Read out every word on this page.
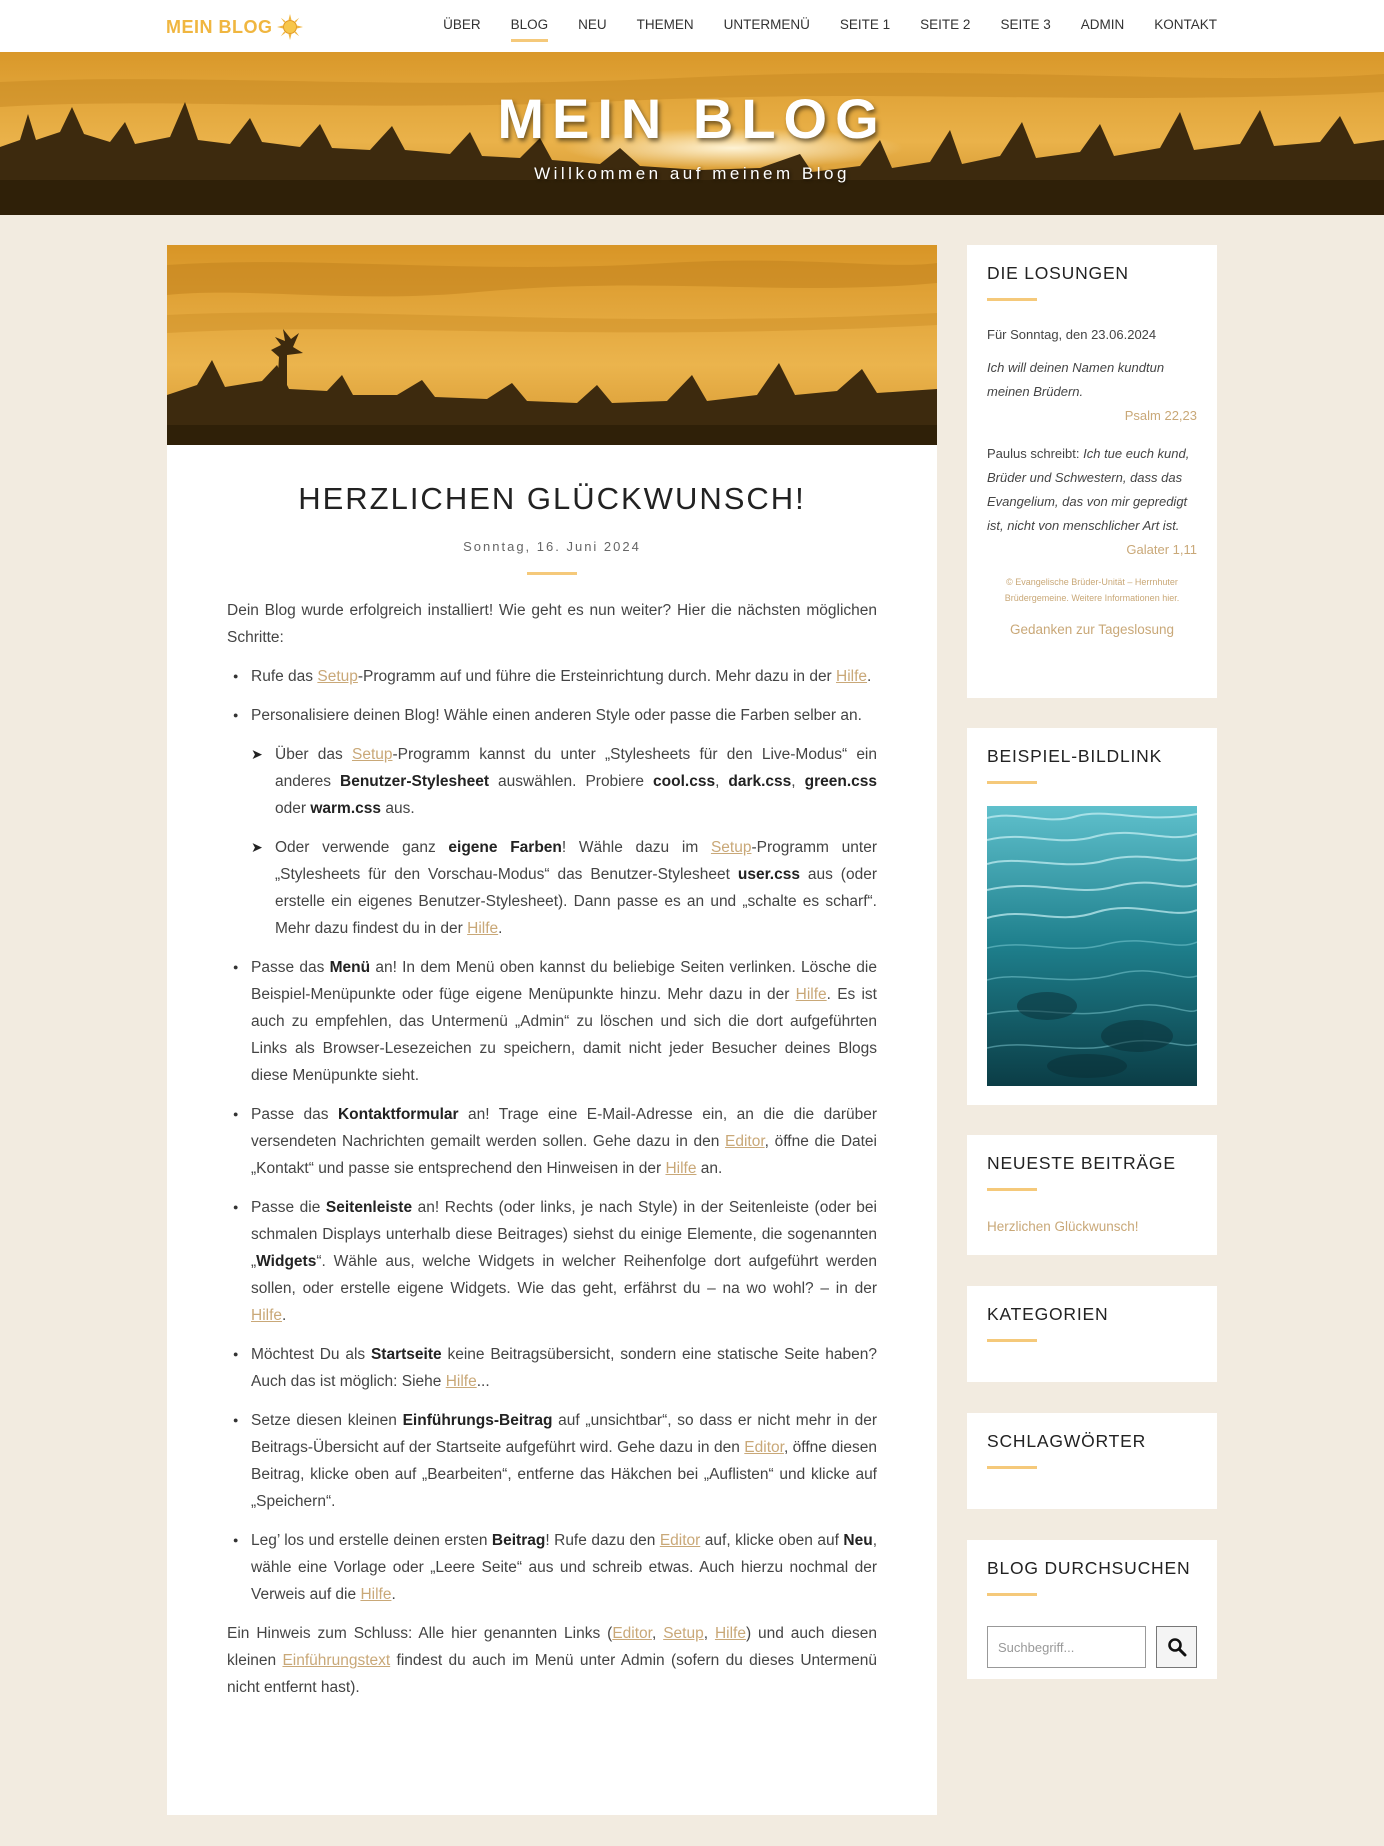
MEIN BLOG	ÜBER BLOG NEU THEMEN UNTERMENÜ SEITE 1 SEITE 2 SEITE 3 ADMIN KONTAKT
MEIN BLOG
Willkommen auf meinem Blog
HERZLICHEN GLÜCKWUNSCH!
Sonntag, 16. Juni 2024

Dein Blog wurde erfolgreich installiert! Wie geht es nun weiter? Hier die nächsten möglichen Schritte:

● Rufe das Setup-Programm auf und führe die Ersteinrichtung durch. Mehr dazu in der Hilfe.
● Personalisiere deinen Blog! Wähle einen anderen Style oder passe die Farben selber an.
➤ Über das Setup-Programm kannst du unter „Stylesheets für den Live-Modus“ ein anderes Benutzer-Stylesheet auswählen. Probiere cool.css, dark.css, green.css oder warm.css aus.
➤ Oder verwende ganz eigene Farben! Wähle dazu im Setup-Programm unter „Stylesheets für den Vorschau-Modus“ das Benutzer-Stylesheet user.css aus (oder erstelle ein eigenes Benutzer-Stylesheet). Dann passe es an und „schalte es scharf“. Mehr dazu findest du in der Hilfe.
● Passe das Menü an! In dem Menü oben kannst du beliebige Seiten verlinken. Lösche die Beispiel-Menüpunkte oder füge eigene Menüpunkte hinzu. Mehr dazu in der Hilfe. Es ist auch zu empfehlen, das Untermenü „Admin“ zu löschen und sich die dort aufgeführten Links als Browser-Lesezeichen zu speichern, damit nicht jeder Besucher deines Blogs diese Menüpunkte sieht.
● Passe das Kontaktformular an! Trage eine E-Mail-Adresse ein, an die die darüber versendeten Nachrichten gemailt werden sollen. Gehe dazu in den Editor, öffne die Datei „Kontakt“ und passe sie entsprechend den Hinweisen in der Hilfe an.
● Passe die Seitenleiste an! Rechts (oder links, je nach Style) in der Seitenleiste (oder bei schmalen Displays unterhalb diese Beitrages) siehst du einige Elemente, die sogenannten „Widgets“. Wähle aus, welche Widgets in welcher Reihenfolge dort aufgeführt werden sollen, oder erstelle eigene Widgets. Wie das geht, erfährst du – na wo wohl? – in der Hilfe.
● Möchtest Du als Startseite keine Beitragsübersicht, sondern eine statische Seite haben? Auch das ist möglich: Siehe Hilfe...
● Setze diesen kleinen Einführungs-Beitrag auf „unsichtbar“, so dass er nicht mehr in der Beitrags-Übersicht auf der Startseite aufgeführt wird. Gehe dazu in den Editor, öffne diesen Beitrag, klicke oben auf „Bearbeiten“, entferne das Häkchen bei „Auflisten“ und klicke auf „Speichern“.
● Leg’ los und erstelle deinen ersten Beitrag! Rufe dazu den Editor auf, klicke oben auf Neu, wähle eine Vorlage oder „Leere Seite“ aus und schreib etwas. Auch hierzu nochmal der Verweis auf die Hilfe.

Ein Hinweis zum Schluss: Alle hier genannten Links (Editor, Setup, Hilfe) und auch diesen kleinen Einführungstext findest du auch im Menü unter Admin (sofern du dieses Untermenü nicht entfernt hast).

DIE LOSUNGEN
Für Sonntag, den 23.06.2024
Ich will deinen Namen kundtun meinen Brüdern.
Psalm 22,23
Paulus schreibt: Ich tue euch kund, Brüder und Schwestern, dass das Evangelium, das von mir gepredigt ist, nicht von menschlicher Art ist.
Galater 1,11
© Evangelische Brüder-Unität – Herrnhuter Brüdergemeine. Weitere Informationen hier.
Gedanken zur Tageslosung
BEISPIEL-BILDLINK
NEUESTE BEITRÄGE
Herzlichen Glückwunsch!
KATEGORIEN
SCHLAGWÖRTER
BLOG DURCHSUCHEN
Suchbegriff...
